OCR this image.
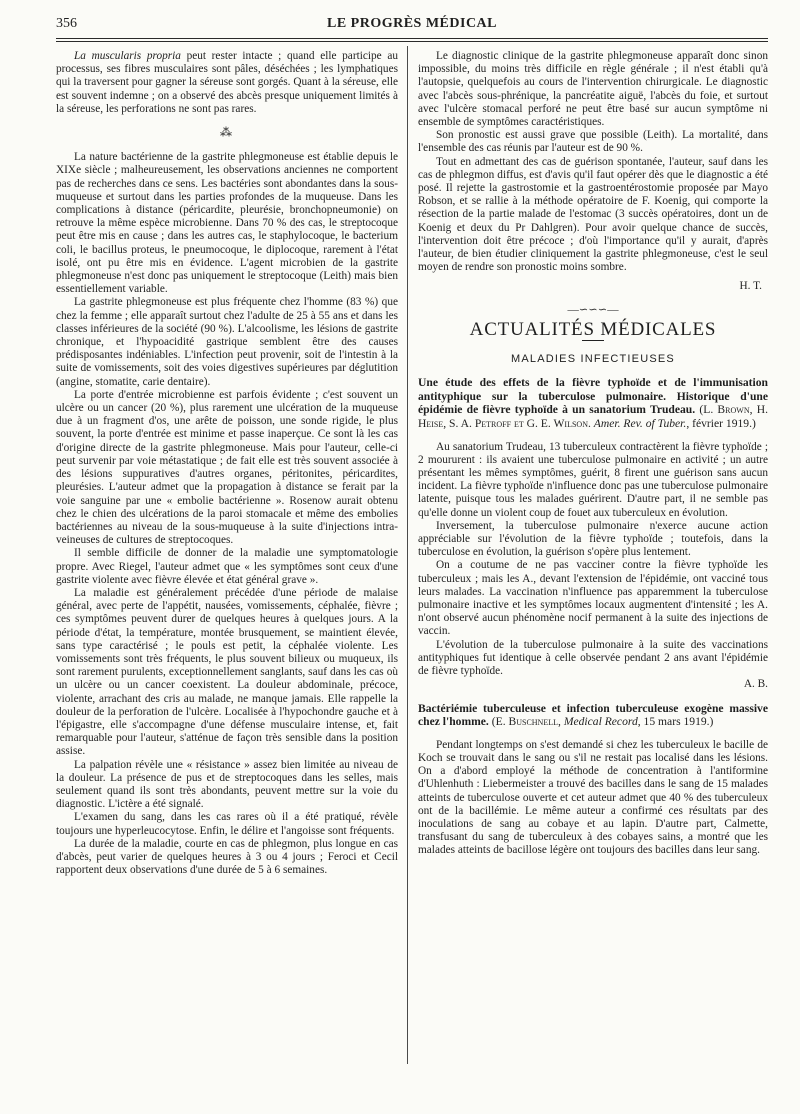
356	LE PROGRÈS MÉDICAL

La muscularis propria peut rester intacte ; quand elle participe au processus, ses fibres musculaires sont pâles, déséchées ; les lymphatiques qui la traversent pour gagner la séreuse sont gorgés. Quant à la séreuse, elle est souvent indemne ; on a observé des abcès presque uniquement limités à la séreuse, les perforations ne sont pas rares.

⁂

La nature bactérienne de la gastrite phlegmoneuse est établie depuis le XIXe siècle ; malheureusement, les observations anciennes ne comportent pas de recherches dans ce sens. Les bactéries sont abondantes dans la sous-muqueuse et surtout dans les parties profondes de la muqueuse. Dans les complications à distance (péricardite, pleurésie, bronchopneumonie) on retrouve la même espèce microbienne. Dans 70 % des cas, le streptocoque peut être mis en cause ; dans les autres cas, le staphylocoque, le bacterium coli, le bacillus proteus, le pneumocoque, le diplocoque, rarement à l'état isolé, ont pu être mis en évidence. L'agent microbien de la gastrite phlegmoneuse n'est donc pas uniquement le streptocoque (Leith) mais bien essentiellement variable.

La gastrite phlegmoneuse est plus fréquente chez l'homme (83 %) que chez la femme ; elle apparaît surtout chez l'adulte de 25 à 55 ans et dans les classes inférieures de la société (90 %). L'alcoolisme, les lésions de gastrite chronique, et l'hypoacidité gastrique semblent être des causes prédisposantes indéniables. L'infection peut provenir, soit de l'intestin à la suite de vomissements, soit des voies digestives supérieures par déglutition (angine, stomatite, carie dentaire).

La porte d'entrée microbienne est parfois évidente ; c'est souvent un ulcère ou un cancer (20 %), plus rarement une ulcération de la muqueuse due à un fragment d'os, une arête de poisson, une sonde rigide, le plus souvent, la porte d'entrée est minime et passe inaperçue. Ce sont là les cas d'origine directe de la gastrite phlegmoneuse. Mais pour l'auteur, celle-ci peut survenir par voie métastatique ; de fait elle est très souvent associée à des lésions suppuratives d'autres organes, péritonites, péricardites, pleurésies. L'auteur admet que la propagation à distance se ferait par la voie sanguine par une « embolie bactérienne ». Rosenow aurait obtenu chez le chien des ulcérations de la paroi stomacale et même des embolies bactériennes au niveau de la sous-muqueuse à la suite d'injections intra-veineuses de cultures de streptocoques.

Il semble difficile de donner de la maladie une symptomatologie propre. Avec Riegel, l'auteur admet que « les symptômes sont ceux d'une gastrite violente avec fièvre élevée et état général grave ».

La maladie est généralement précédée d'une période de malaise général, avec perte de l'appétit, nausées, vomissements, céphalée, fièvre ; ces symptômes peuvent durer de quelques heures à quelques jours. A la période d'état, la température, montée brusquement, se maintient élevée, sans type caractérisé ; le pouls est petit, la céphalée violente. Les vomissements sont très fréquents, le plus souvent bilieux ou muqueux, ils sont rarement purulents, exceptionnellement sanglants, sauf dans les cas où un ulcère ou un cancer coexistent. La douleur abdominale, précoce, violente, arrachant des cris au malade, ne manque jamais. Elle rappelle la douleur de la perforation de l'ulcère. Localisée à l'hypochondre gauche et à l'épigastre, elle s'accompagne d'une défense musculaire intense, et, fait remarquable pour l'auteur, s'atténue de façon très sensible dans la position assise.

La palpation révèle une « résistance » assez bien limitée au niveau de la douleur. La présence de pus et de streptocoques dans les selles, mais seulement quand ils sont très abondants, peuvent mettre sur la voie du diagnostic. L'ictère a été signalé.

L'examen du sang, dans les cas rares où il a été pratiqué, révèle toujours une hyperleucocytose. Enfin, le délire et l'angoisse sont fréquents.

La durée de la maladie, courte en cas de phlegmon, plus longue en cas d'abcès, peut varier de quelques heures à 3 ou 4 jours ; Feroci et Cecil rapportent deux observations d'une durée de 5 à 6 semaines.

Le diagnostic clinique de la gastrite phlegmoneuse apparaît donc sinon impossible, du moins très difficile en règle générale ; il n'est établi qu'à l'autopsie, quelquefois au cours de l'intervention chirurgicale. Le diagnostic avec l'abcès sous-phrénique, la pancréatite aiguë, l'abcès du foie, et surtout avec l'ulcère stomacal perforé ne peut être basé sur aucun symptôme ni ensemble de symptômes caractéristiques.

Son pronostic est aussi grave que possible (Leith). La mortalité, dans l'ensemble des cas réunis par l'auteur est de 90 %.

Tout en admettant des cas de guérison spontanée, l'auteur, sauf dans les cas de phlegmon diffus, est d'avis qu'il faut opérer dès que le diagnostic a été posé. Il rejette la gastrostomie et la gastroentérostomie proposée par Mayo Robson, et se rallie à la méthode opératoire de F. Koenig, qui comporte la résection de la partie malade de l'estomac (3 succès opératoires, dont un de Koenig et deux du Pr Dahlgren). Pour avoir quelque chance de succès, l'intervention doit être précoce ; d'où l'importance qu'il y aurait, d'après l'auteur, de bien étudier cliniquement la gastrite phlegmoneuse, c'est le seul moyen de rendre son pronostic moins sombre.

H. T.

—∽∽∽—

ACTUALITÉS MÉDICALES

MALADIES INFECTIEUSES

Une étude des effets de la fièvre typhoïde et de l'immunisation antityphique sur la tuberculose pulmonaire. Historique d'une épidémie de fièvre typhoïde à un sanatorium Trudeau. (L. Brown, H. Heise, S. A. Petroff et G. E. Wilson. Amer. Rev. of Tuber., février 1919.)

Au sanatorium Trudeau, 13 tuberculeux contractèrent la fièvre typhoïde ; 2 moururent : ils avaient une tuberculose pulmonaire en activité ; un autre présentant les mêmes symptômes, guérit, 8 firent une guérison sans aucun incident. La fièvre typhoïde n'influence donc pas une tuberculose pulmonaire latente, puisque tous les malades guérirent. D'autre part, il ne semble pas qu'elle donne un violent coup de fouet aux tuberculeux en évolution.

Inversement, la tuberculose pulmonaire n'exerce aucune action appréciable sur l'évolution de la fièvre typhoïde ; toutefois, dans la tuberculose en évolution, la guérison s'opère plus lentement.

On a coutume de ne pas vacciner contre la fièvre typhoïde les tuberculeux ; mais les A., devant l'extension de l'épidémie, ont vacciné tous leurs malades. La vaccination n'influence pas apparemment la tuberculose pulmonaire inactive et les symptômes locaux augmentent d'intensité ; les A. n'ont observé aucun phénomène nocif permanent à la suite des injections de vaccin.

L'évolution de la tuberculose pulmonaire à la suite des vaccinations antityphiques fut identique à celle observée pendant 2 ans avant l'épidémie de fièvre typhoïde.

A. B.

Bactériémie tuberculeuse et infection tuberculeuse exogène massive chez l'homme. (E. Buschnell, Medical Record, 15 mars 1919.)

Pendant longtemps on s'est demandé si chez les tuberculeux le bacille de Koch se trouvait dans le sang ou s'il ne restait pas localisé dans les lésions. On a d'abord employé la méthode de concentration à l'antiformine d'Uhlenhuth : Liebermeister a trouvé des bacilles dans le sang de 15 malades atteints de tuberculose ouverte et cet auteur admet que 40 % des tuberculeux ont de la bacillémie. Le même auteur a confirmé ces résultats par des inoculations de sang au cobaye et au lapin. D'autre part, Calmette, transfusant du sang de tuberculeux à des cobayes sains, a montré que les malades atteints de bacillose légère ont toujours des bacilles dans leur sang.
